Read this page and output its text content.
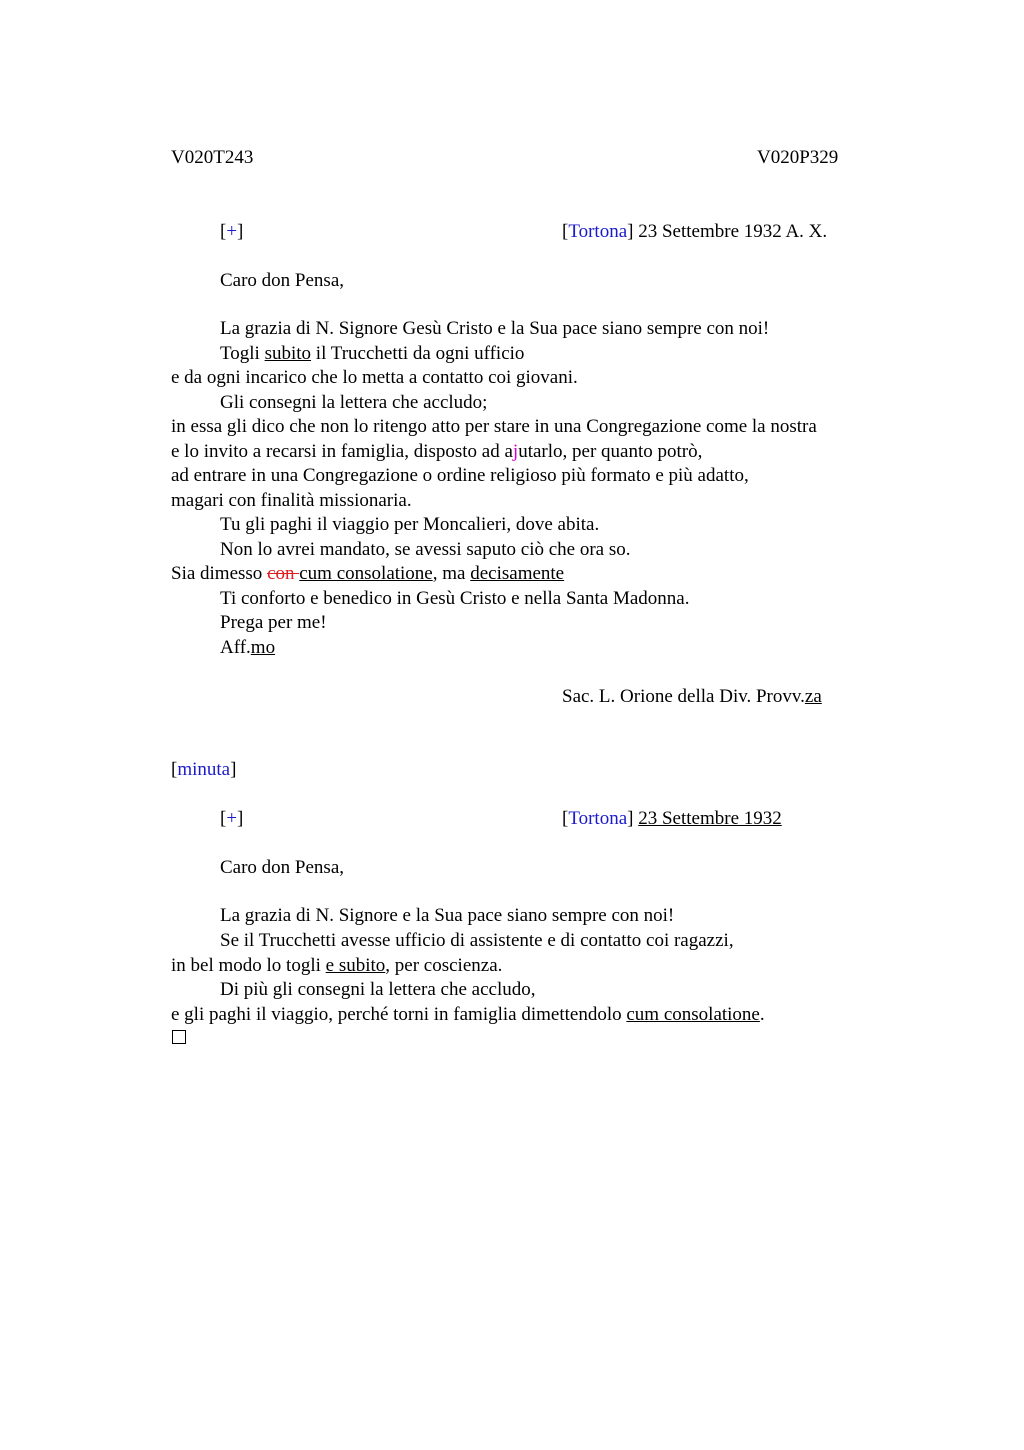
V020T243	V020P329
[+]	[Tortona] 23 Settembre 1932 A. X.
Caro don Pensa,
La grazia di N. Signore Gesù Cristo e la Sua pace siano sempre con noi!
Togli subito il Trucchetti da ogni ufficio
e da ogni incarico che lo metta a contatto coi giovani.
Gli consegni la lettera che accludo;
in essa gli dico che non lo ritengo atto per stare in una Congregazione come la nostra
e lo invito a recarsi in famiglia, disposto ad ajutarlo, per quanto potrò,
ad entrare in una Congregazione o ordine religioso più formato e più adatto,
magari con finalità missionaria.
Tu gli paghi il viaggio per Moncalieri, dove abita.
Non lo avrei mandato, se avessi saputo ciò che ora so.
Sia dimesso con cum consolatione, ma decisamente
Ti conforto e benedico in Gesù Cristo e nella Santa Madonna.
Prega per me!
Aff.mo
Sac. L. Orione della Div. Provv.za
[minuta]
[+]	[Tortona] 23 Settembre 1932
Caro don Pensa,
La grazia di N. Signore e la Sua pace siano sempre con noi!
Se il Trucchetti avesse ufficio di assistente e di contatto coi ragazzi,
in bel modo lo togli e subito, per coscienza.
Di più gli consegni la lettera che accludo,
e gli paghi il viaggio, perché torni in famiglia dimettendolo cum consolatione.
